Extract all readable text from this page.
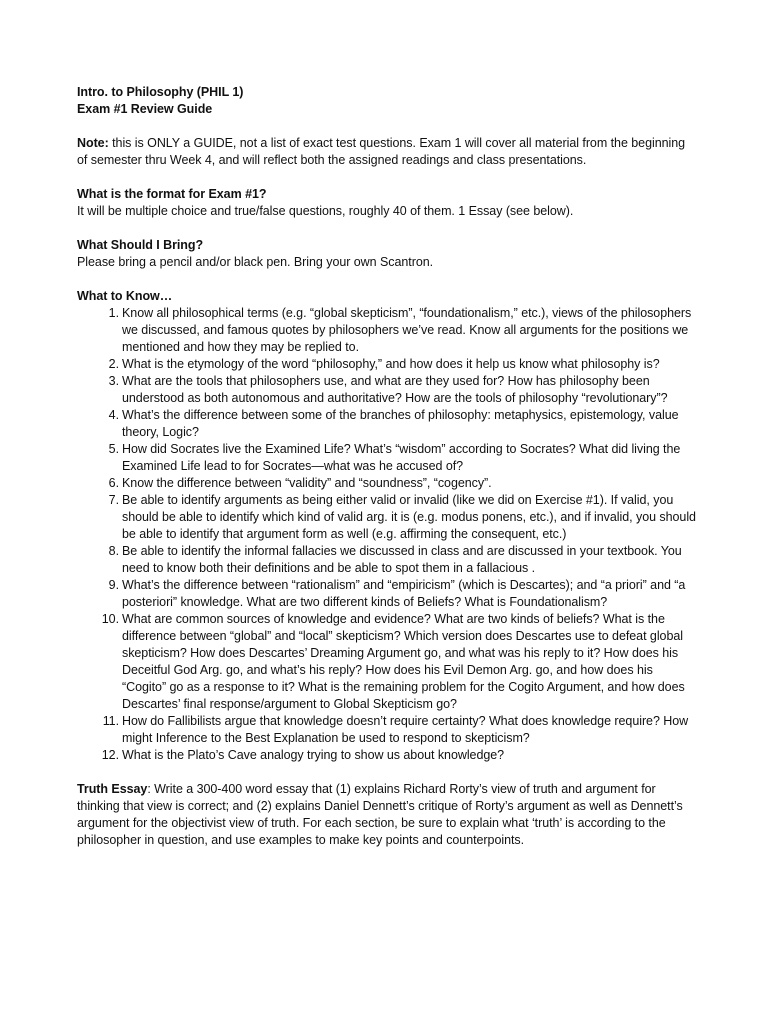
Intro. to Philosophy (PHIL 1)
Exam #1 Review Guide
Note: this is ONLY a GUIDE, not a list of exact test questions. Exam 1 will cover all material from the beginning of semester thru Week 4, and will reflect both the assigned readings and class presentations.
What is the format for Exam #1?
It will be multiple choice and true/false questions, roughly 40 of them. 1 Essay (see below).
What Should I Bring?
Please bring a pencil and/or black pen. Bring your own Scantron.
What to Know…
1. Know all philosophical terms (e.g. “global skepticism”, “foundationalism,” etc.), views of the philosophers we discussed, and famous quotes by philosophers we’ve read. Know all arguments for the positions we mentioned and how they may be replied to.
2. What is the etymology of the word “philosophy,” and how does it help us know what philosophy is?
3. What are the tools that philosophers use, and what are they used for? How has philosophy been understood as both autonomous and authoritative? How are the tools of philosophy “revolutionary”?
4. What’s the difference between some of the branches of philosophy: metaphysics, epistemology, value theory, Logic?
5. How did Socrates live the Examined Life? What’s “wisdom” according to Socrates? What did living the Examined Life lead to for Socrates—what was he accused of?
6. Know the difference between “validity” and “soundness”, “cogency”.
7. Be able to identify arguments as being either valid or invalid (like we did on Exercise #1). If valid, you should be able to identify which kind of valid arg. it is (e.g. modus ponens, etc.), and if invalid, you should be able to identify that argument form as well (e.g. affirming the consequent, etc.)
8. Be able to identify the informal fallacies we discussed in class and are discussed in your textbook. You need to know both their definitions and be able to spot them in a fallacious .
9. What’s the difference between “rationalism” and “empiricism” (which is Descartes); and “a priori” and “a posteriori” knowledge. What are two different kinds of Beliefs? What is Foundationalism?
10. What are common sources of knowledge and evidence? What are two kinds of beliefs? What is the difference between “global” and “local” skepticism? Which version does Descartes use to defeat global skepticism? How does Descartes’ Dreaming Argument go, and what was his reply to it? How does his Deceitful God Arg. go, and what’s his reply? How does his Evil Demon Arg. go, and how does his “Cogito” go as a response to it? What is the remaining problem for the Cogito Argument, and how does Descartes’ final response/argument to Global Skepticism go?
11. How do Fallibilists argue that knowledge doesn’t require certainty? What does knowledge require? How might Inference to the Best Explanation be used to respond to skepticism?
12. What is the Plato’s Cave analogy trying to show us about knowledge?
Truth Essay: Write a 300-400 word essay that (1) explains Richard Rorty’s view of truth and argument for thinking that view is correct; and (2) explains Daniel Dennett’s critique of Rorty’s argument as well as Dennett’s argument for the objectivist view of truth. For each section, be sure to explain what ‘truth’ is according to the philosopher in question, and use examples to make key points and counterpoints.
